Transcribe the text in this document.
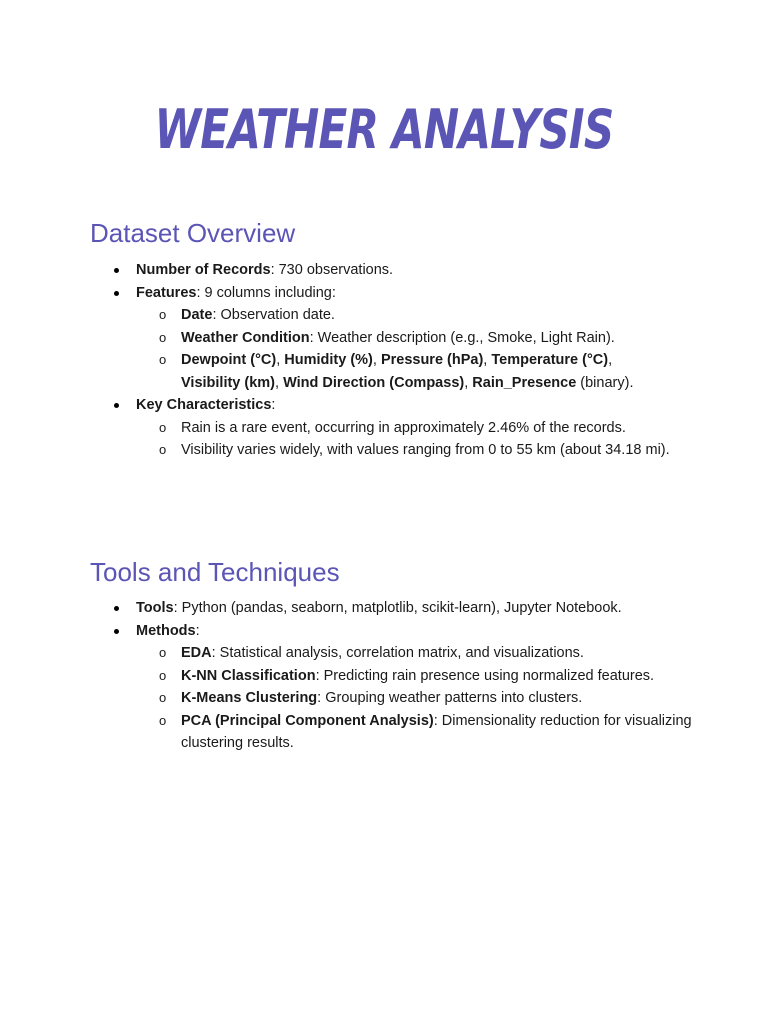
WEATHER ANALYSIS
Dataset Overview
Number of Records: 730 observations.
Features: 9 columns including:
o Date: Observation date.
o Weather Condition: Weather description (e.g., Smoke, Light Rain).
o Dewpoint (°C), Humidity (%), Pressure (hPa), Temperature (°C),
Visibility (km), Wind Direction (Compass), Rain_Presence (binary).
Key Characteristics:
o Rain is a rare event, occurring in approximately 2.46% of the records.
o Visibility varies widely, with values ranging from 0 to 55 km (about 34.18 mi).
Tools and Techniques
Tools: Python (pandas, seaborn, matplotlib, scikit-learn), Jupyter Notebook.
Methods:
o EDA: Statistical analysis, correlation matrix, and visualizations.
o K-NN Classification: Predicting rain presence using normalized features.
o K-Means Clustering: Grouping weather patterns into clusters.
o PCA (Principal Component Analysis): Dimensionality reduction for visualizing clustering results.
